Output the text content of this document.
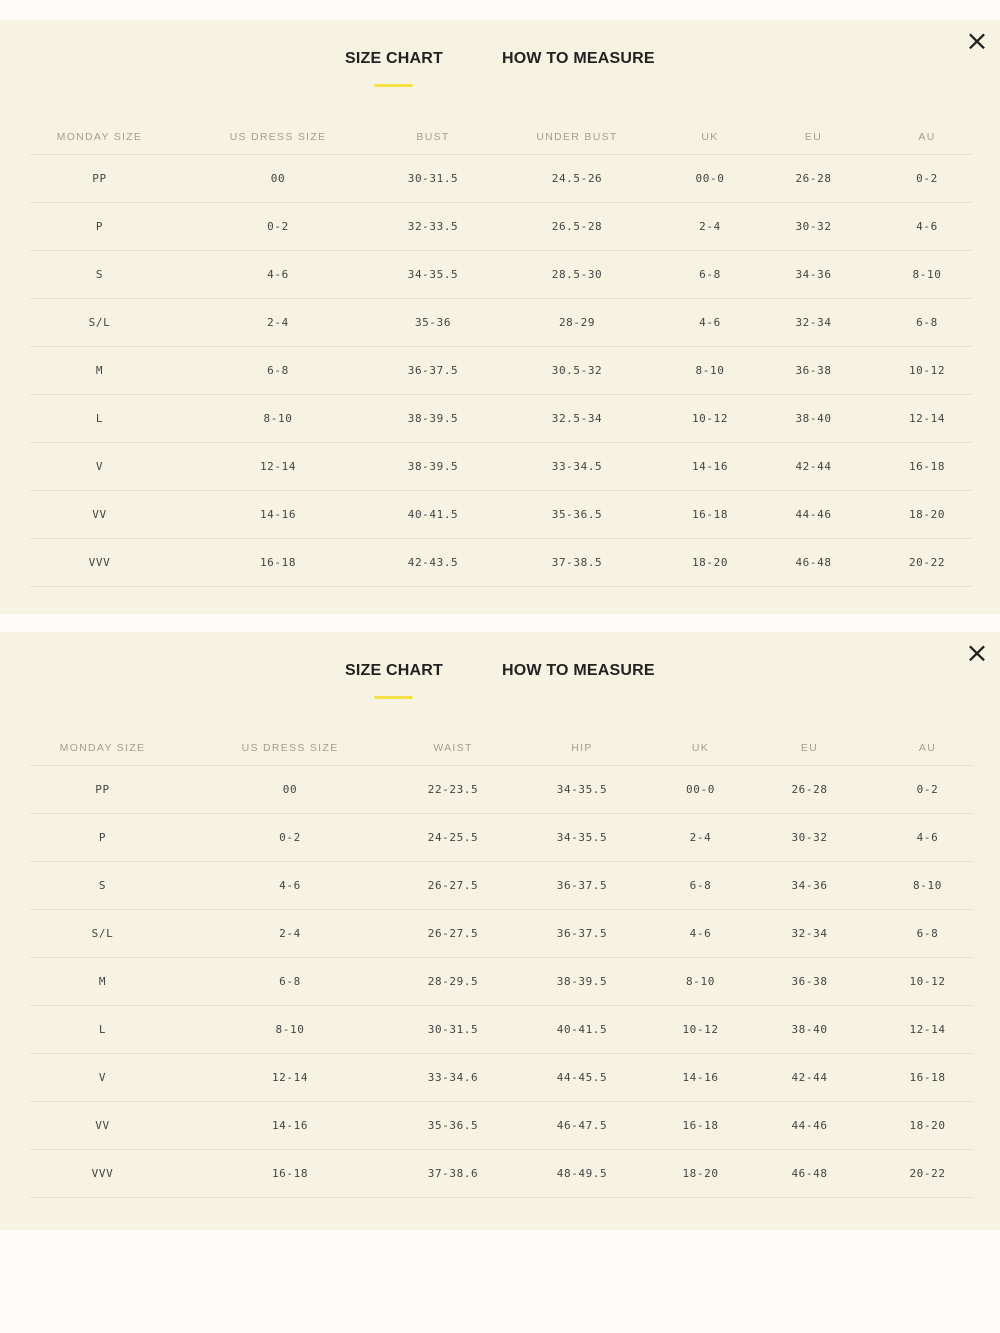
×
SIZE CHART	HOW TO MEASURE
MONDAY SIZE	US DRESS SIZE	BUST	UNDER BUST	UK	EU	AU
PP	00	30-31.5	24.5-26	00-0	26-28	0-2
P	0-2	32-33.5	26.5-28	2-4	30-32	4-6
S	4-6	34-35.5	28.5-30	6-8	34-36	8-10
S/L	2-4	35-36	28-29	4-6	32-34	6-8
M	6-8	36-37.5	30.5-32	8-10	36-38	10-12
L	8-10	38-39.5	32.5-34	10-12	38-40	12-14
V	12-14	38-39.5	33-34.5	14-16	42-44	16-18
VV	14-16	40-41.5	35-36.5	16-18	44-46	18-20
VVV	16-18	42-43.5	37-38.5	18-20	46-48	20-22
×
SIZE CHART	HOW TO MEASURE
MONDAY SIZE	US DRESS SIZE	WAIST	HIP	UK	EU	AU
PP	00	22-23.5	34-35.5	00-0	26-28	0-2
P	0-2	24-25.5	34-35.5	2-4	30-32	4-6
S	4-6	26-27.5	36-37.5	6-8	34-36	8-10
S/L	2-4	26-27.5	36-37.5	4-6	32-34	6-8
M	6-8	28-29.5	38-39.5	8-10	36-38	10-12
L	8-10	30-31.5	40-41.5	10-12	38-40	12-14
V	12-14	33-34.6	44-45.5	14-16	42-44	16-18
VV	14-16	35-36.5	46-47.5	16-18	44-46	18-20
VVV	16-18	37-38.6	48-49.5	18-20	46-48	20-22
